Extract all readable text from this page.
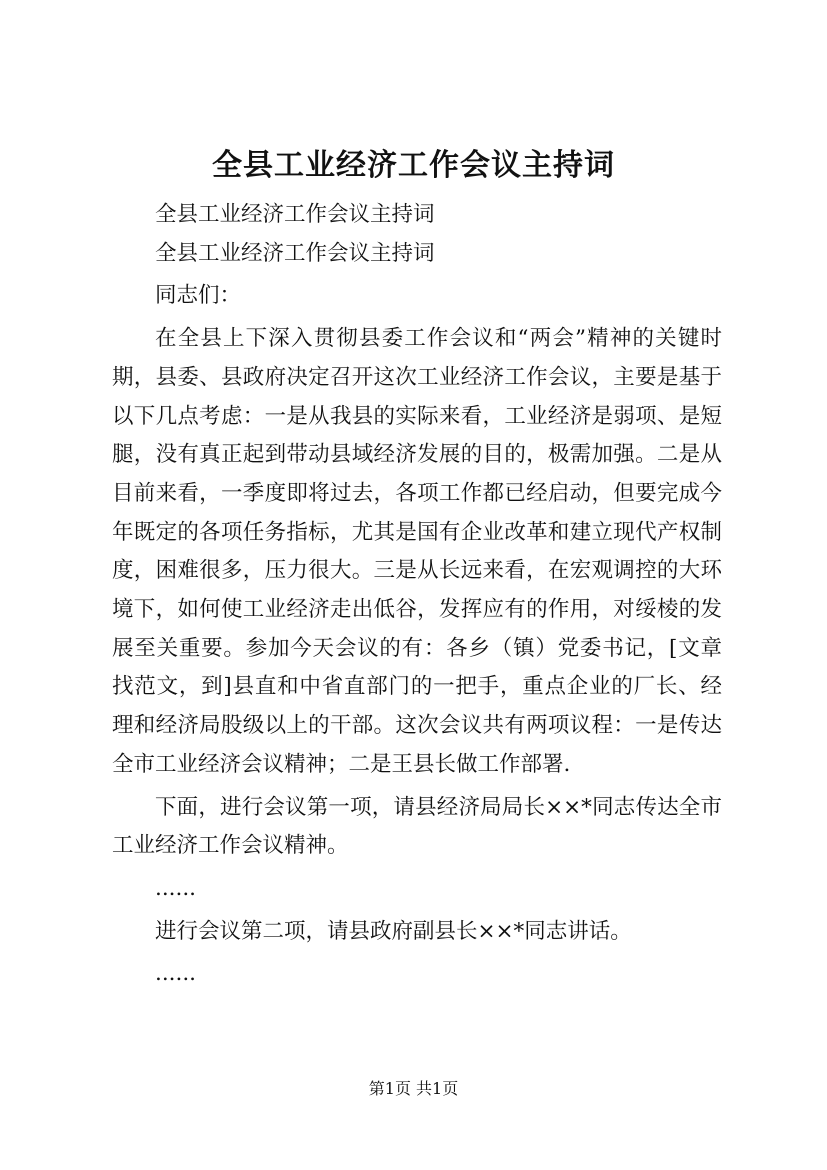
全县工业经济工作会议主持词

全县工业经济工作会议主持词

全县工业经济工作会议主持词

同志们：

在全县上下深入贯彻县委工作会议和“两会”精神的关键时期，县委、县政府决定召开这次工业经济工作会议，主要是基于以下几点考虑：一是从我县的实际来看，工业经济是弱项、是短腿，没有真正起到带动县域经济发展的目的，极需加强。二是从目前来看，一季度即将过去，各项工作都已经启动，但要完成今年既定的各项任务指标，尤其是国有企业改革和建立现代产权制度，困难很多，压力很大。三是从长远来看，在宏观调控的大环境下，如何使工业经济走出低谷，发挥应有的作用，对绥棱的发展至关重要。参加今天会议的有：各乡（镇）党委书记，[文章找范文，到]县直和中省直部门的一把手，重点企业的厂长、经理和经济局股级以上的干部。这次会议共有两项议程：一是传达全市工业经济会议精神；二是王县长做工作部署.

下面，进行会议第一项，请县经济局局长××*同志传达全市工业经济工作会议精神。

......

进行会议第二项，请县政府副县长××*同志讲话。

......

第1页 共1页
